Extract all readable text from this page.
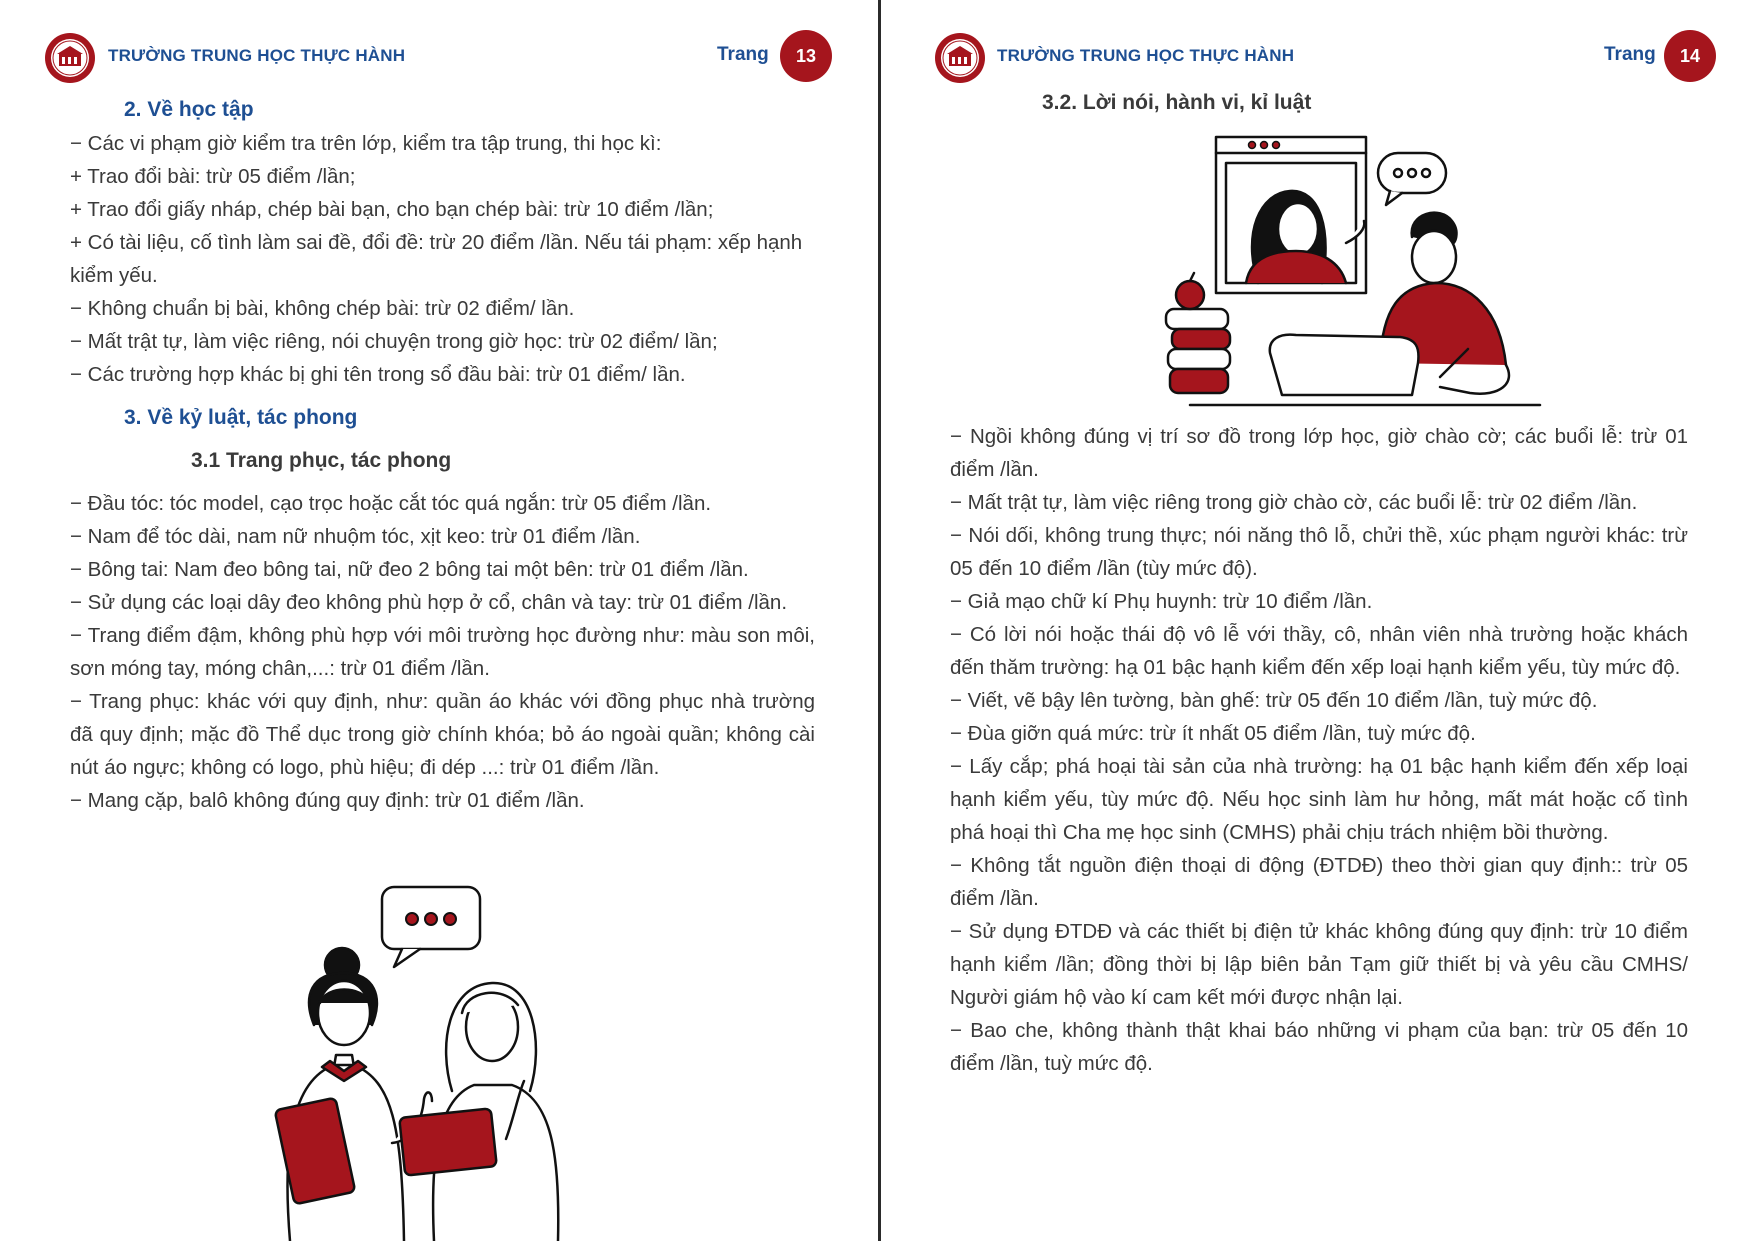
TRƯỜNG TRUNG HỌC THỰC HÀNH	Trang	13
2. Về học tập

− Các vi phạm giờ kiểm tra trên lớp, kiểm tra tập trung, thi học kì:

+ Trao đổi bài: trừ 05 điểm /lần;

+ Trao đổi giấy nháp, chép bài bạn, cho bạn chép bài: trừ 10 điểm /lần;

+ Có tài liệu, cố tình làm sai đề, đổi đề: trừ 20 điểm /lần. Nếu tái phạm: xếp hạnh kiểm yếu.

− Không chuẩn bị bài, không chép bài: trừ 02 điểm/ lần.

− Mất trật tự, làm việc riêng, nói chuyện trong giờ học: trừ 02 điểm/ lần;

− Các trường hợp khác bị ghi tên trong sổ đầu bài: trừ 01 điểm/ lần.

3. Về kỷ luật, tác phong
3.1 Trang phục, tác phong

− Đầu tóc: tóc model, cạo trọc hoặc cắt tóc quá ngắn: trừ 05 điểm /lần.

− Nam để tóc dài, nam nữ nhuộm tóc, xịt keo: trừ 01 điểm /lần.

− Bông tai: Nam đeo bông tai, nữ đeo 2 bông tai một bên: trừ 01 điểm /lần.

− Sử dụng các loại dây đeo không phù hợp ở cổ, chân và tay: trừ 01 điểm /lần.

− Trang điểm đậm, không phù hợp với môi trường học đường như: màu son môi, sơn móng tay, móng chân,...: trừ 01 điểm /lần.

− Trang phục: khác với quy định, như: quần áo khác với đồng phục nhà trường đã quy định; mặc đồ Thể dục trong giờ chính khóa; bỏ áo ngoài quần; không cài nút áo ngực; không có logo, phù hiệu; đi dép ...: trừ 01 điểm /lần.

− Mang cặp, balô không đúng quy định: trừ 01 điểm /lần.

TRƯỜNG TRUNG HỌC THỰC HÀNH	Trang	14
3.2. Lời nói, hành vi, kỉ luật

− Ngồi không đúng vị trí sơ đồ trong lớp học, giờ chào cờ; các buổi lễ: trừ 01 điểm /lần.

− Mất trật tự, làm việc riêng trong giờ chào cờ, các buổi lễ: trừ 02 điểm /lần.

− Nói dối, không trung thực; nói năng thô lỗ, chửi thề, xúc phạm người khác: trừ 05 đến 10 điểm /lần (tùy mức độ).

− Giả mạo chữ kí Phụ huynh: trừ 10 điểm /lần.

− Có lời nói hoặc thái độ vô lễ với thầy, cô, nhân viên nhà trường hoặc khách đến thăm trường: hạ 01 bậc hạnh kiểm đến xếp loại hạnh kiểm yếu, tùy mức độ.

− Viết, vẽ bậy lên tường, bàn ghế: trừ 05 đến 10 điểm /lần, tuỳ mức độ.

− Đùa giỡn quá mức: trừ ít nhất 05 điểm /lần, tuỳ mức độ.

− Lấy cắp; phá hoại tài sản của nhà trường: hạ 01 bậc hạnh kiểm đến xếp loại hạnh kiểm yếu, tùy mức độ. Nếu học sinh làm hư hỏng, mất mát hoặc cố tình phá hoại thì Cha mẹ học sinh (CMHS) phải chịu trách nhiệm bồi thường.

− Không tắt nguồn điện thoại di động (ĐTDĐ) theo thời gian quy định:: trừ 05 điểm /lần.

− Sử dụng ĐTDĐ và các thiết bị điện tử khác không đúng quy định: trừ 10 điểm hạnh kiểm /lần; đồng thời bị lập biên bản Tạm giữ thiết bị và yêu cầu CMHS/ Người giám hộ vào kí cam kết mới được nhận lại.

− Bao che, không thành thật khai báo những vi phạm của bạn: trừ 05 đến 10 điểm /lần, tuỳ mức độ.
